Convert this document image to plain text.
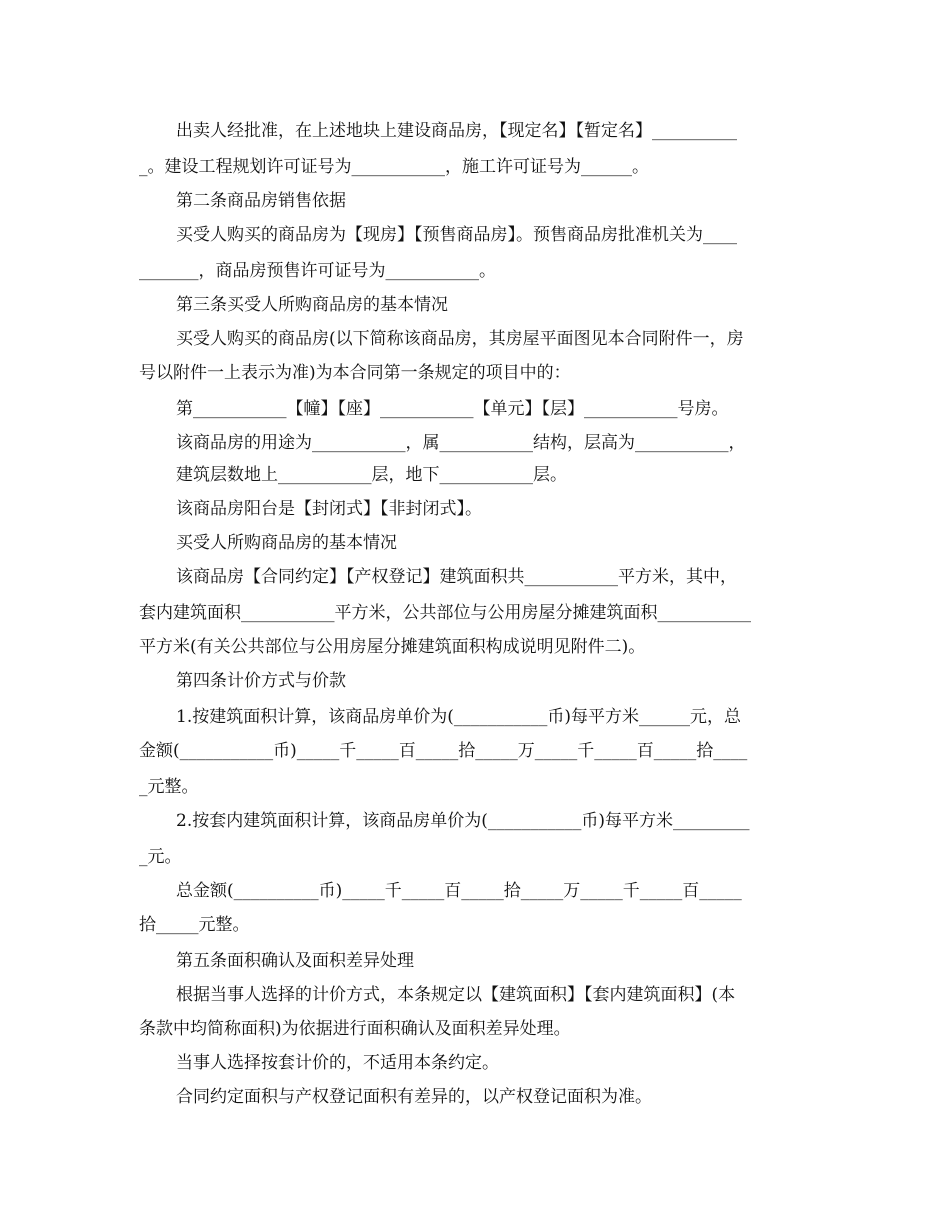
出卖人经批准，在上述地块上建设商品房，【现定名】【暂定名】__________
_。建设工程规划许可证号为___________，施工许可证号为______。
第二条商品房销售依据
买受人购买的商品房为【现房】【预售商品房】。预售商品房批准机关为____
_______，商品房预售许可证号为___________。
第三条买受人所购商品房的基本情况
买受人购买的商品房(以下简称该商品房，其房屋平面图见本合同附件一，房
号以附件一上表示为准)为本合同第一条规定的项目中的：
第___________【幢】【座】___________【单元】【层】___________号房。
该商品房的用途为___________，属___________结构，层高为___________，
建筑层数地上___________层，地下___________层。
该商品房阳台是【封闭式】【非封闭式】。
买受人所购商品房的基本情况
该商品房【合同约定】【产权登记】建筑面积共___________平方米，其中，
套内建筑面积___________平方米，公共部位与公用房屋分摊建筑面积___________
平方米(有关公共部位与公用房屋分摊建筑面积构成说明见附件二)。
第四条计价方式与价款
1.按建筑面积计算，该商品房单价为(___________币)每平方米______元，总
金额(___________币)_____千_____百_____拾_____万_____千_____百_____拾____
_元整。
2.按套内建筑面积计算，该商品房单价为(___________币)每平方米_________
_元。
总金额(__________币)_____千_____百_____拾_____万_____千_____百_____
拾_____元整。
第五条面积确认及面积差异处理
根据当事人选择的计价方式，本条规定以【建筑面积】【套内建筑面积】(本
条款中均简称面积)为依据进行面积确认及面积差异处理。
当事人选择按套计价的，不适用本条约定。
合同约定面积与产权登记面积有差异的，以产权登记面积为准。
